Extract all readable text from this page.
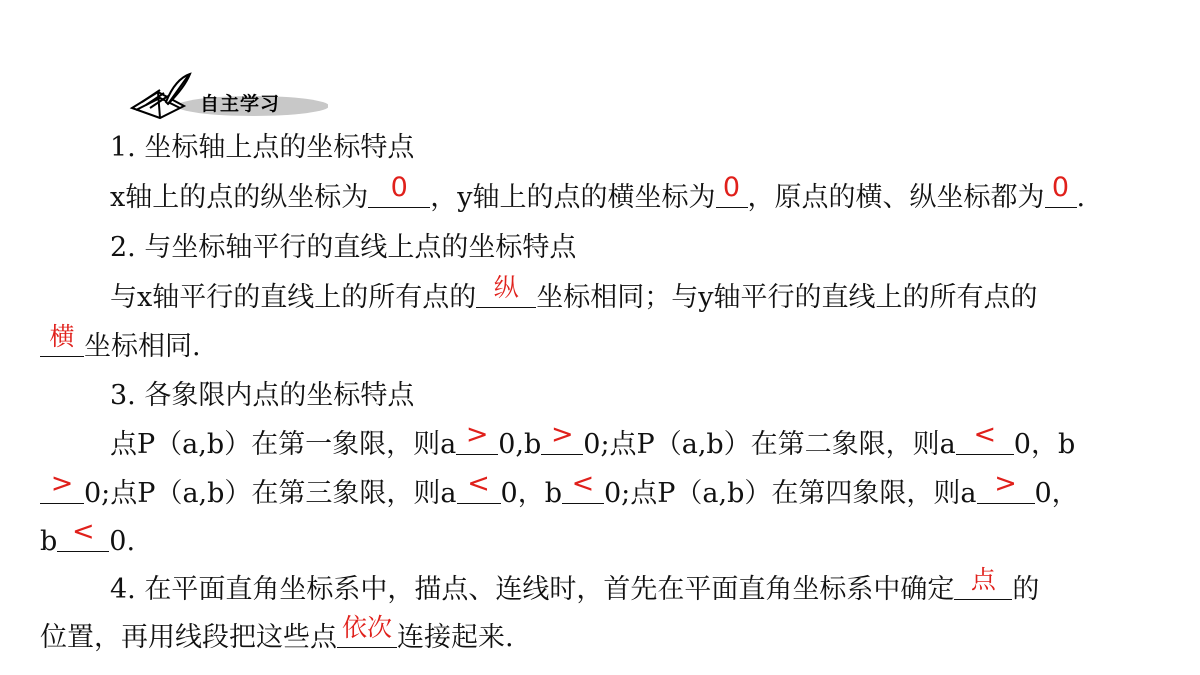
自主学习
1. 坐标轴上点的坐标特点
x轴上的点的纵坐标为 0 ，y轴上的点的横坐标为 0 ，原点的横、纵坐标都为 0 .
2. 与坐标轴平行的直线上点的坐标特点
与x轴平行的直线上的所有点的 纵 坐标相同；与y轴平行的直线上的所有点的
横 坐标相同.
3. 各象限内点的坐标特点
点P（a,b）在第一象限，则a > 0,b > 0;点P（a,b）在第二象限，则a < 0，b
> 0;点P（a,b）在第三象限，则a < 0，b < 0;点P（a,b）在第四象限，则a > 0，
b < 0.
4. 在平面直角坐标系中，描点、连线时，首先在平面直角坐标系中确定 点 的
位置，再用线段把这些点 依次 连接起来.
